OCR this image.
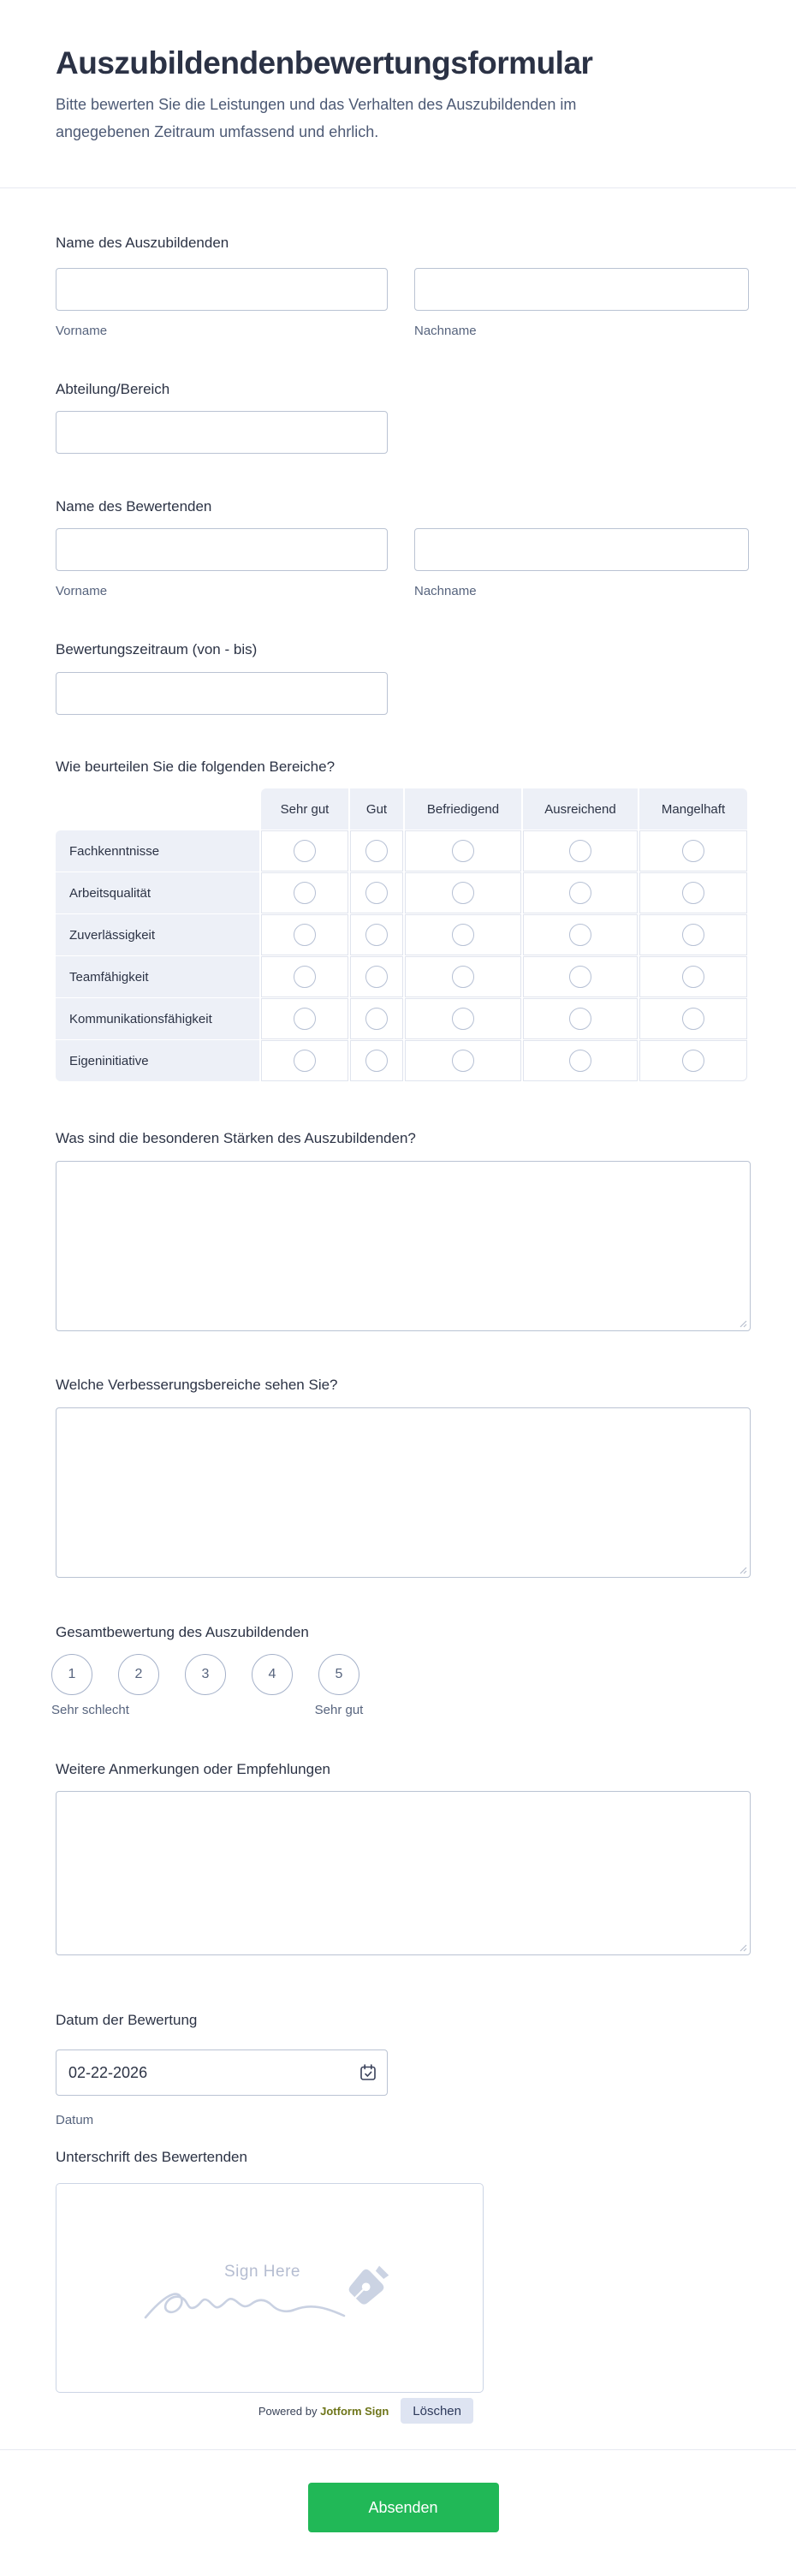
Auszubildendenbewertungsformular

Bitte bewerten Sie die Leistungen und das Verhalten des Auszubildenden im angegebenen Zeitraum umfassend und ehrlich.

Name des Auszubildenden
Vorname	Nachname
Abteilung/Bereich
Name des Bewertenden
Vorname	Nachname
Bewertungszeitraum (von - bis)
Wie beurteilen Sie die folgenden Bereiche?
	Sehr gut	Gut	Befriedigend	Ausreichend	Mangelhaft
Fachkenntnisse					
Arbeitsqualität					
Zuverlässigkeit					
Teamfähigkeit					
Kommunikationsfähigkeit					
Eigeninitiative					
Was sind die besonderen Stärken des Auszubildenden?
Welche Verbesserungsbereiche sehen Sie?
Gesamtbewertung des Auszubildenden
1	2	3	4	5
Sehr schlecht	Sehr gut
Weitere Anmerkungen oder Empfehlungen
Datum der Bewertung
02-22-2026
Datum
Unterschrift des Bewertenden
Sign Here
Powered by Jotform Sign	Löschen
Absenden
